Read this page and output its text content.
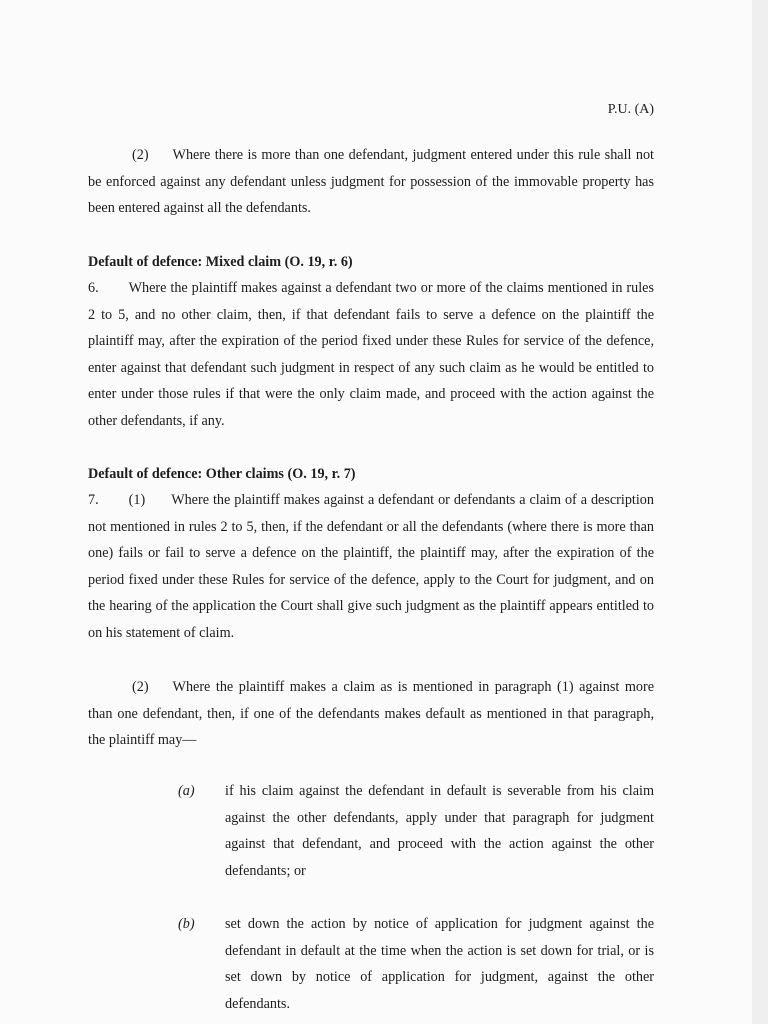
P.U. (A)

(2) Where there is more than one defendant, judgment entered under this rule shall not be enforced against any defendant unless judgment for possession of the immovable property has been entered against all the defendants.

Default of defence: Mixed claim (O. 19, r. 6)

6. Where the plaintiff makes against a defendant two or more of the claims mentioned in rules 2 to 5, and no other claim, then, if that defendant fails to serve a defence on the plaintiff the plaintiff may, after the expiration of the period fixed under these Rules for service of the defence, enter against that defendant such judgment in respect of any such claim as he would be entitled to enter under those rules if that were the only claim made, and proceed with the action against the other defendants, if any.

Default of defence: Other claims (O. 19, r. 7)

7. (1) Where the plaintiff makes against a defendant or defendants a claim of a description not mentioned in rules 2 to 5, then, if the defendant or all the defendants (where there is more than one) fails or fail to serve a defence on the plaintiff, the plaintiff may, after the expiration of the period fixed under these Rules for service of the defence, apply to the Court for judgment, and on the hearing of the application the Court shall give such judgment as the plaintiff appears entitled to on his statement of claim.

(2) Where the plaintiff makes a claim as is mentioned in paragraph (1) against more than one defendant, then, if one of the defendants makes default as mentioned in that paragraph, the plaintiff may—

(a) if his claim against the defendant in default is severable from his claim against the other defendants, apply under that paragraph for judgment against that defendant, and proceed with the action against the other defendants; or

(b) set down the action by notice of application for judgment against the defendant in default at the time when the action is set down for trial, or is set down by notice of application for judgment, against the other defendants.
